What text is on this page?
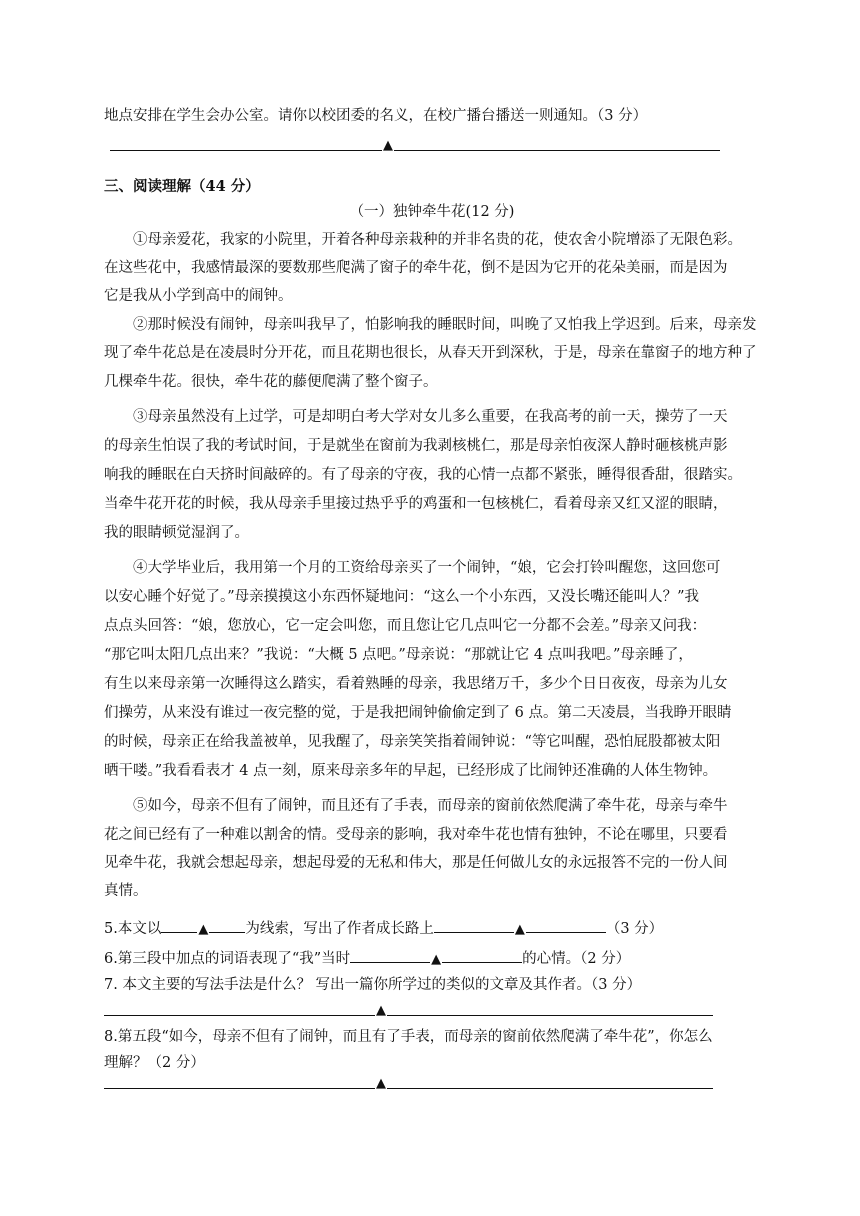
地点安排在学生会办公室。请你以校团委的名义，在校广播台播送一则通知。（3 分）
▲
三、阅读理解（44 分）
（一）独钟牵牛花(12 分)
①母亲爱花，我家的小院里，开着各种母亲栽种的并非名贵的花，使农舍小院增添了无限色彩。
在这些花中，我感情最深的要数那些爬满了窗子的牵牛花，倒不是因为它开的花朵美丽，而是因为
它是我从小学到高中的闹钟。
②那时候没有闹钟，母亲叫我早了，怕影响我的睡眠时间，叫晚了又怕我上学迟到。后来，母亲发
现了牵牛花总是在凌晨时分开花，而且花期也很长，从春天开到深秋，于是，母亲在靠窗子的地方种了
几棵牵牛花。很快，牵牛花的藤便爬满了整个窗子。
③母亲虽然没有上过学，可是却明白考大学对女儿多么重要，在我高考的前一天，操劳了一天
的母亲生怕误了我的考试时间，于是就坐在窗前为我剥核桃仁，那是母亲怕夜深人静时砸核桃声影
响我的睡眠在白天挤时间敲碎的。有了母亲的守夜，我的心情一点都不紧张，睡得很香甜，很踏实。
当牵牛花开花的时候，我从母亲手里接过热乎乎的鸡蛋和一包核桃仁，看着母亲又红又涩的眼睛，
我的眼睛顿觉湿润了。
④大学毕业后，我用第一个月的工资给母亲买了一个闹钟，“娘，它会打铃叫醒您，这回您可
以安心睡个好觉了。”母亲摸摸这小东西怀疑地问：“这么一个小东西，又没长嘴还能叫人？”我
点点头回答：“娘，您放心，它一定会叫您，而且您让它几点叫它一分都不会差。”母亲又问我：
“那它叫太阳几点出来？”我说：“大概 5 点吧。”母亲说：“那就让它 4 点叫我吧。”母亲睡了，
有生以来母亲第一次睡得这么踏实，看着熟睡的母亲，我思绪万千，多少个日日夜夜，母亲为儿女
们操劳，从来没有谁过一夜完整的觉，于是我把闹钟偷偷定到了 6 点。第二天凌晨，当我睁开眼睛
的时候，母亲正在给我盖被单，见我醒了，母亲笑笑指着闹钟说：“等它叫醒，恐怕屁股都被太阳
晒干喽。”我看看表才 4 点一刻，原来母亲多年的早起，已经形成了比闹钟还准确的人体生物钟。
⑤如今，母亲不但有了闹钟，而且还有了手表，而母亲的窗前依然爬满了牵牛花，母亲与牵牛
花之间已经有了一种难以割舍的情。受母亲的影响，我对牵牛花也情有独钟，不论在哪里，只要看
见牵牛花，我就会想起母亲，想起母爱的无私和伟大，那是任何做儿女的永远报答不完的一份人间
真情。
5.本文以	▲	为线索，写出了作者成长路上	▲	（3 分）
6.第三段中加点的词语表现了“我”当时	▲	的心情。（2 分）
7. 本文主要的写法手法是什么？ 写出一篇你所学过的类似的文章及其作者。（3 分）
▲
8.第五段“如今，母亲不但有了闹钟，而且有了手表，而母亲的窗前依然爬满了牵牛花”，你怎么
理解？（2 分）
▲
